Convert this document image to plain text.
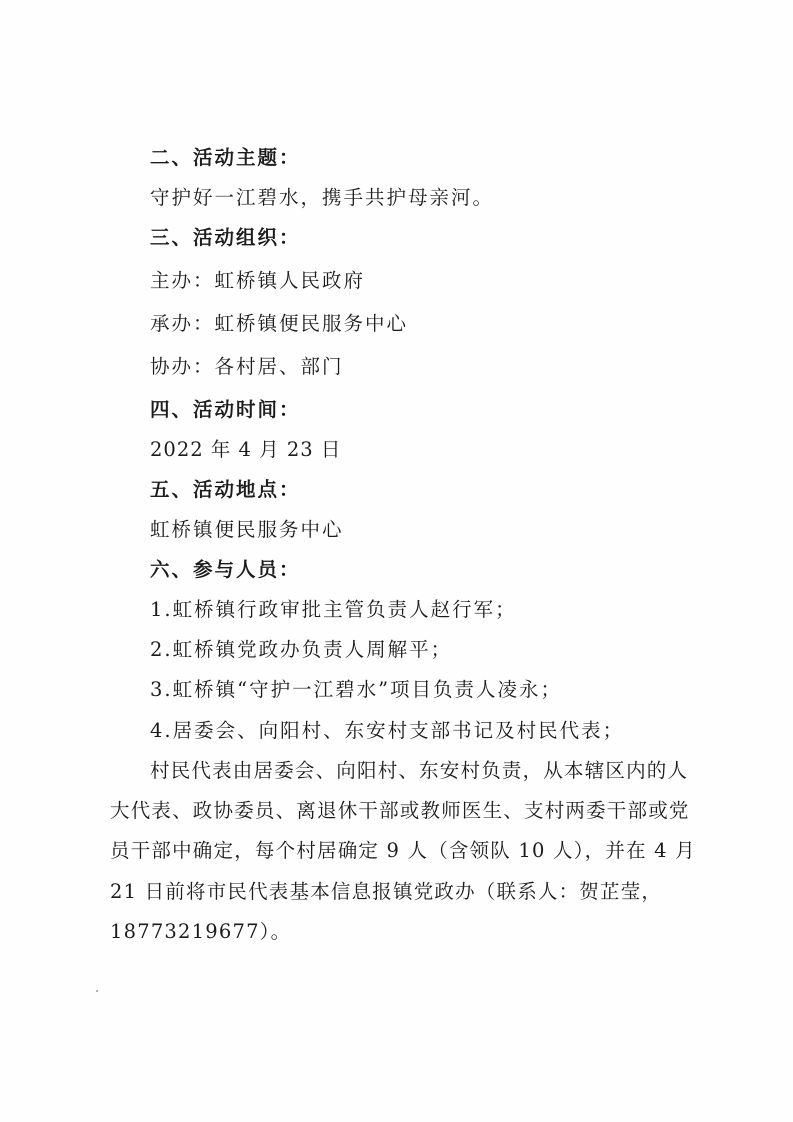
二、活动主题：
守护好一江碧水，携手共护母亲河。
三、活动组织：
主办：虹桥镇人民政府
承办：虹桥镇便民服务中心
协办：各村居、部门
四、活动时间：
2022 年 4 月 23 日
五、活动地点：
虹桥镇便民服务中心
六、参与人员：
1.虹桥镇行政审批主管负责人赵行军；
2.虹桥镇党政办负责人周解平；
3.虹桥镇“守护一江碧水”项目负责人凌永；
4.居委会、向阳村、东安村支部书记及村民代表；
村民代表由居委会、向阳村、东安村负责，从本辖区内的人
大代表、政协委员、离退休干部或教师医生、支村两委干部或党
员干部中确定，每个村居确定 9 人（含领队 10 人），并在 4 月
21 日前将市民代表基本信息报镇党政办（联系人：贺芷莹，
18773219677）。
